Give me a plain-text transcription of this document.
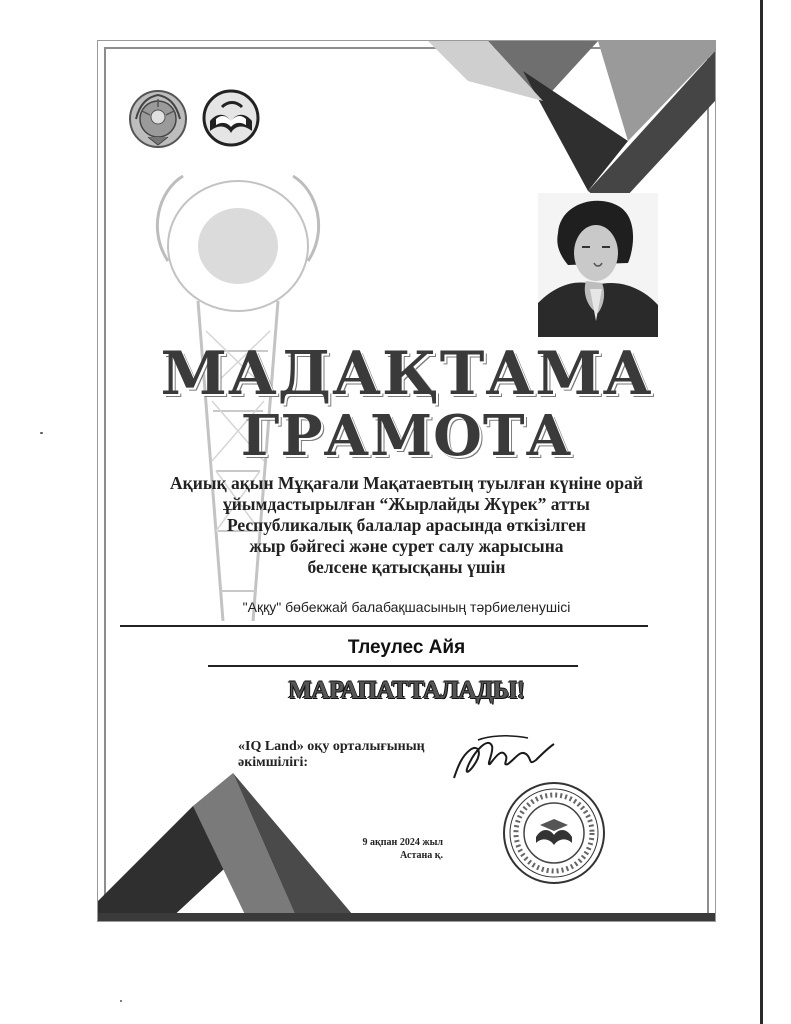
МАДАҚТАМА
ГРАМОТА
Ақиық ақын Мұқағали Мақатаевтың туылған күніне орай
ұйымдастырылған “Жырлайды Жүрек” атты
Республикалық балалар арасында өткізілген
жыр бәйгесі және сурет салу жарысына
белсене қатысқаны үшін
"Аққу" бөбекжай балабақшасының тәрбиеленушісі
Тлеулес Айя
МАРАПАТТАЛАДЫ!
«IQ Land» оқу орталығының
әкімшілігі:
9 ақпан 2024 жыл
Астана қ.
